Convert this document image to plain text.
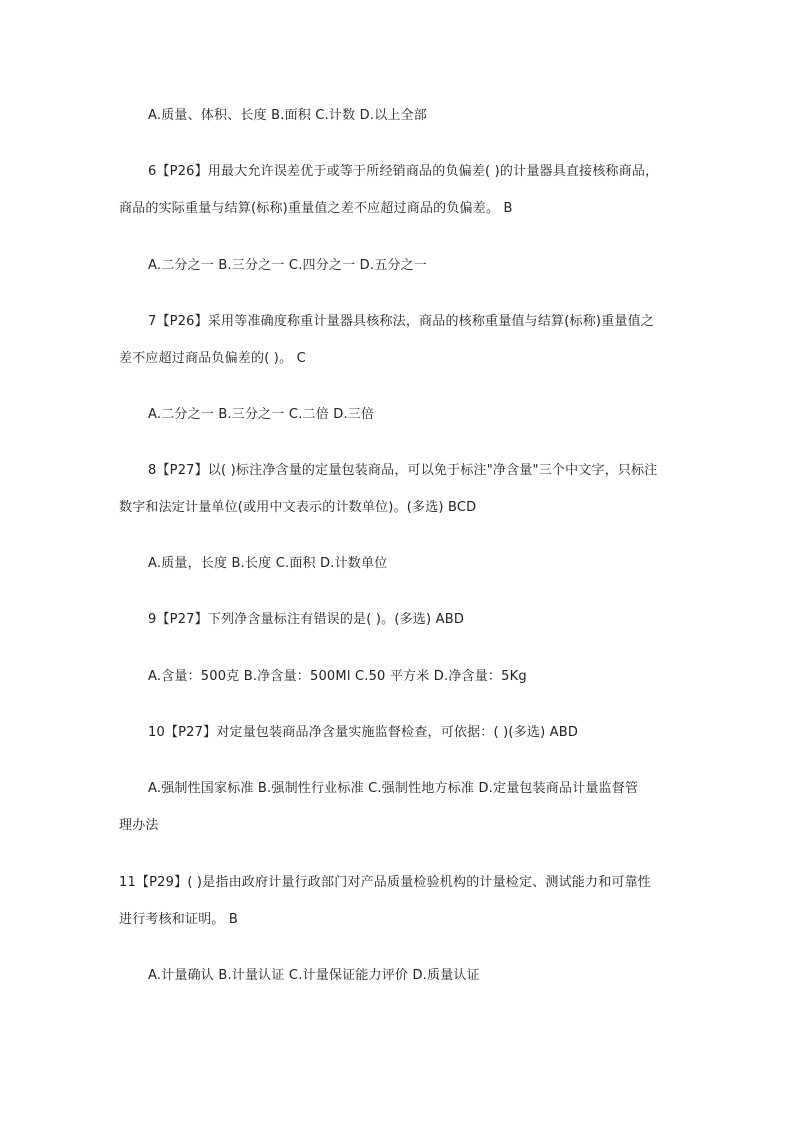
A.质量、体积、长度 B.面积 C.计数 D.以上全部
6【P26】用最大允许误差优于或等于所经销商品的负偏差( )的计量器具直接核称商品，
商品的实际重量与结算(标称)重量值之差不应超过商品的负偏差。 B
A.二分之一 B.三分之一 C.四分之一 D.五分之一
7【P26】采用等准确度称重计量器具核称法，商品的核称重量值与结算(标称)重量值之
差不应超过商品负偏差的( )。 C
A.二分之一 B.三分之一 C.二倍 D.三倍
8【P27】以( )标注净含量的定量包装商品，可以免于标注"净含量"三个中文字，只标注
数字和法定计量单位(或用中文表示的计数单位)。(多选) BCD
A.质量，长度 B.长度 C.面积 D.计数单位
9【P27】下列净含量标注有错误的是( )。(多选) ABD
A.含量：500克 B.净含量：500Ml C.50 平方米 D.净含量：5Kg
10【P27】对定量包装商品净含量实施监督检查，可依据：( )(多选) ABD
A.强制性国家标准 B.强制性行业标准 C.强制性地方标准 D.定量包装商品计量监督管
理办法
11【P29】( )是指由政府计量行政部门对产品质量检验机构的计量检定、测试能力和可靠性
进行考核和证明。 B
A.计量确认 B.计量认证 C.计量保证能力评价 D.质量认证
